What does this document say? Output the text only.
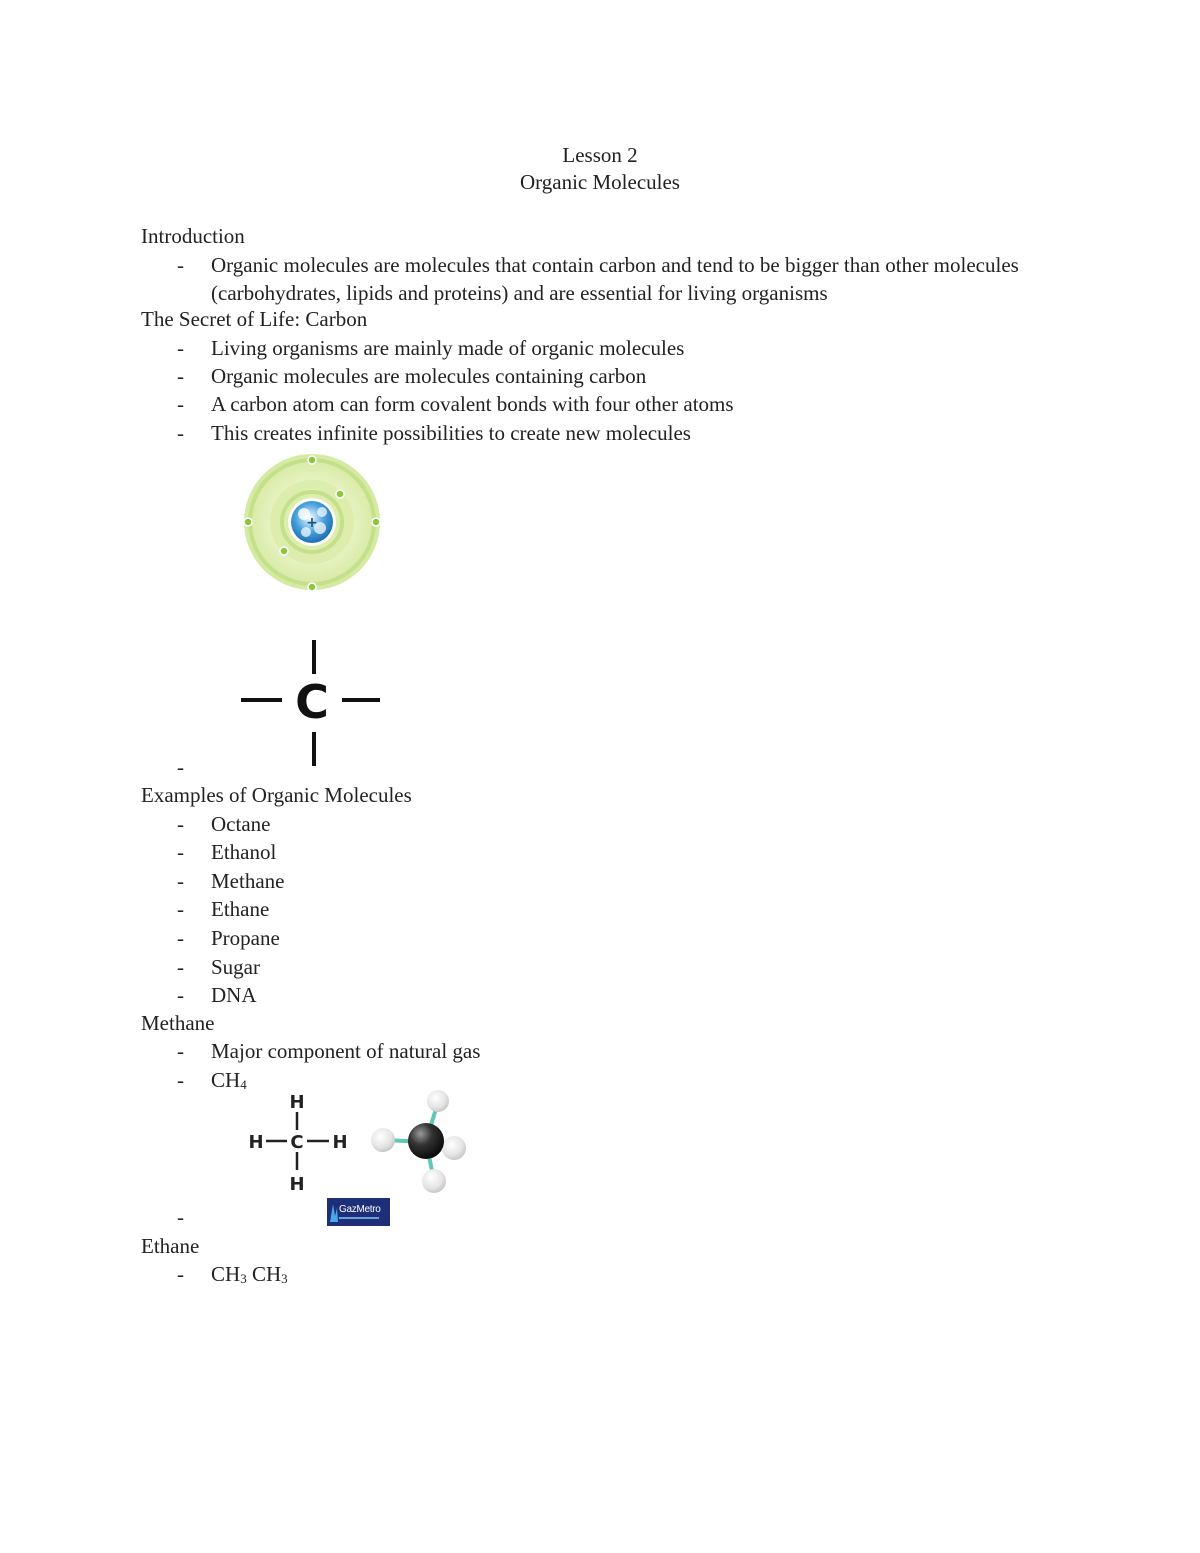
Lesson 2
Organic Molecules
Introduction
- Organic molecules are molecules that contain carbon and tend to be bigger than other molecules (carbohydrates, lipids and proteins) and are essential for living organisms
The Secret of Life: Carbon
- Living organisms are mainly made of organic molecules
- Organic molecules are molecules containing carbon
- A carbon atom can form covalent bonds with four other atoms
- This creates infinite possibilities to create new molecules
+
C
-
Examples of Organic Molecules
- Octane
- Ethanol
- Methane
- Ethane
- Propane
- Sugar
- DNA
Methane
- Major component of natural gas
- $CH_4$
H
H C H
H
GazMetro
-
Ethane
- $CH_3$ $CH_3$
